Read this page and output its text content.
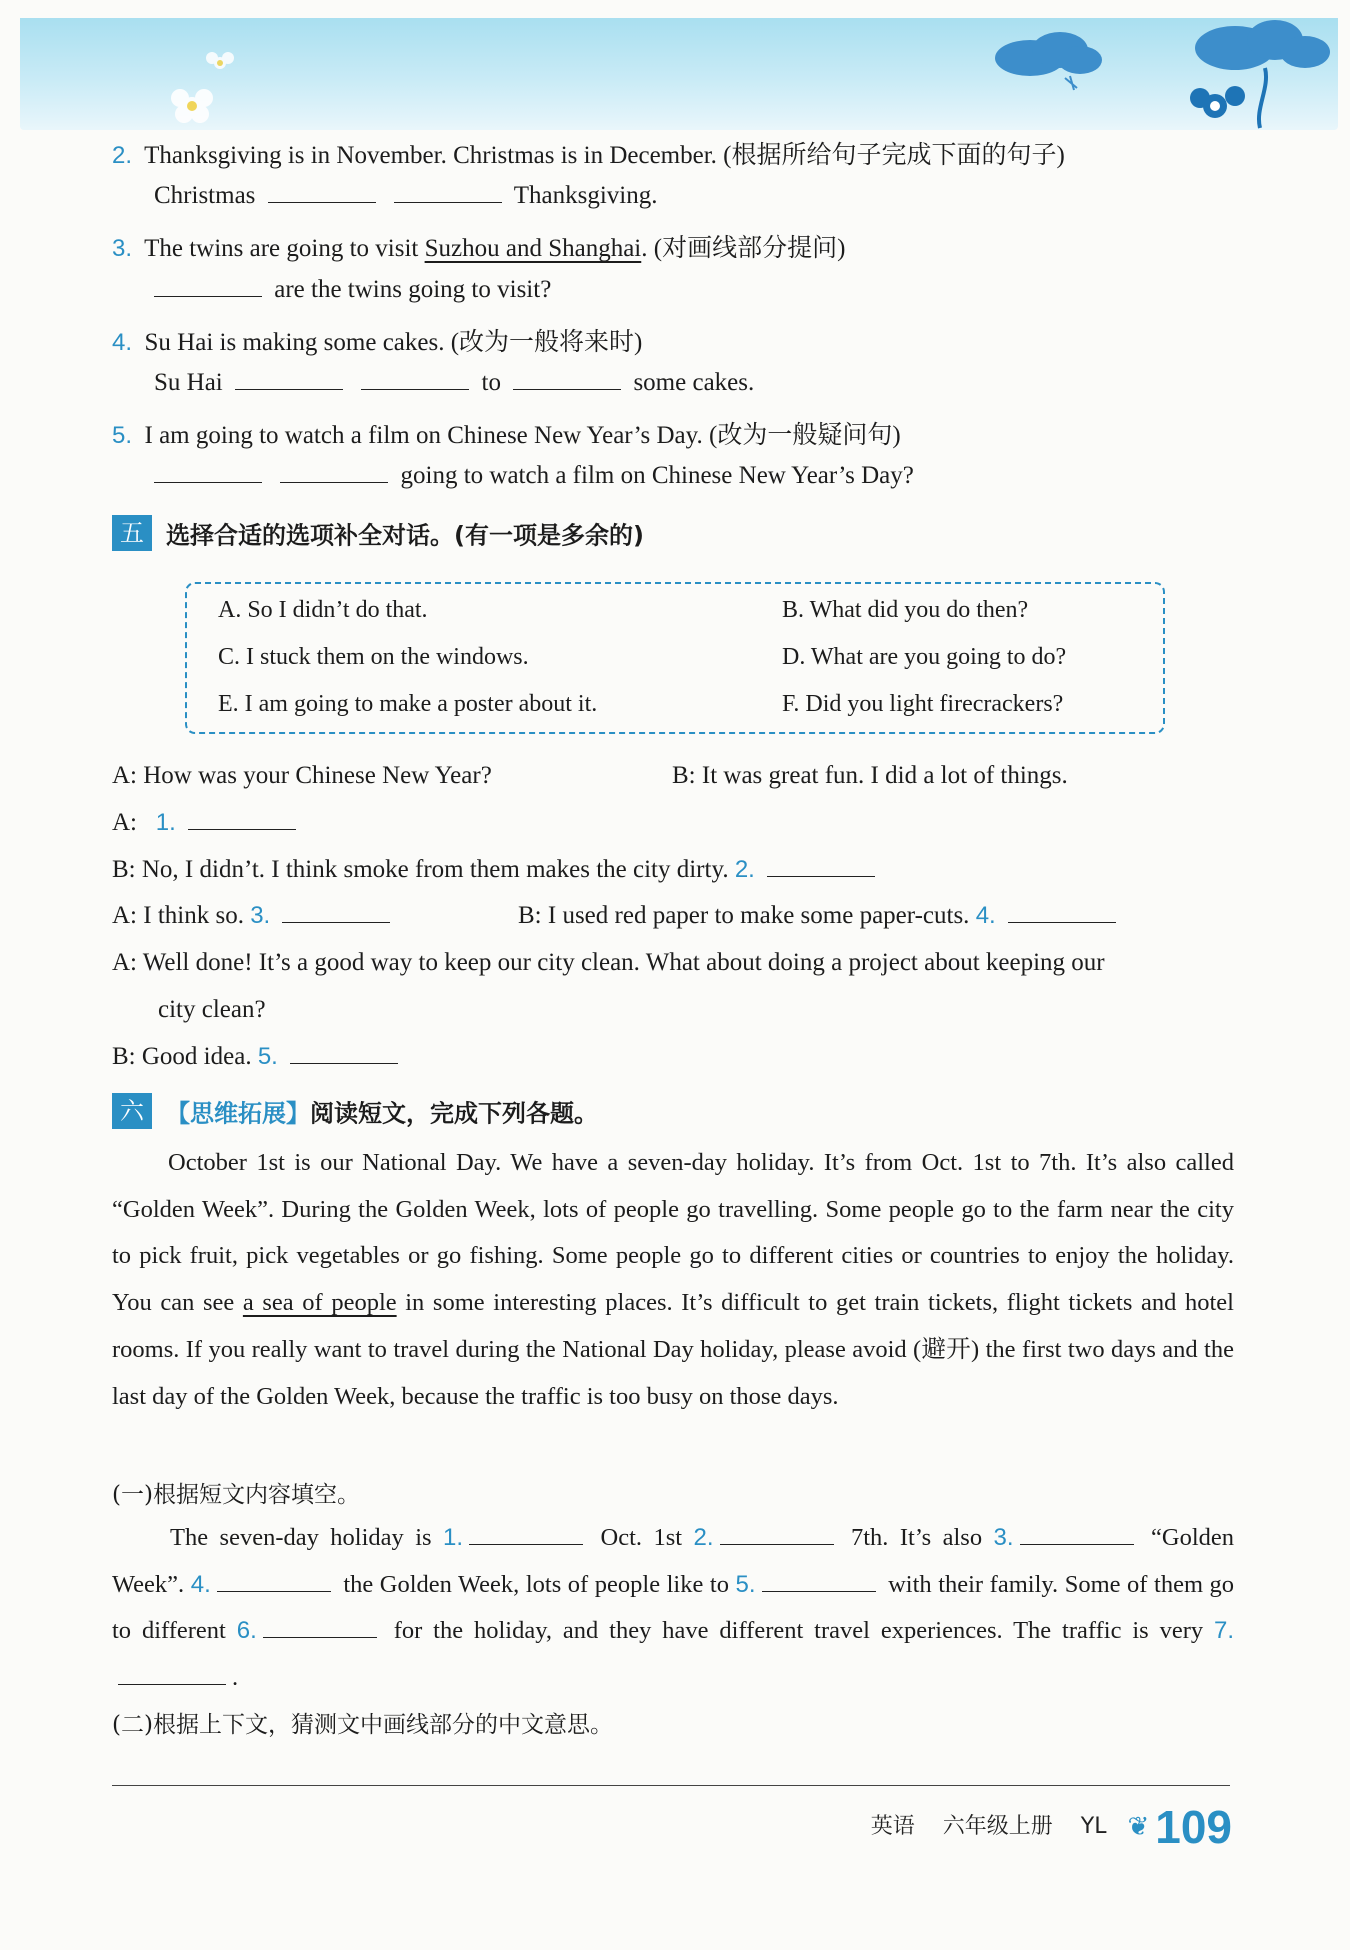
2. Thanksgiving is in November. Christmas is in December. (根据所给句子完成下面的句子)
Christmas	Thanksgiving.
3. The twins are going to visit Suzhou and Shanghai. (对画线部分提问)
are the twins going to visit?
4. Su Hai is making some cakes. (改为一般将来时)
Su Hai	to	some cakes.
5. I am going to watch a film on Chinese New Year’s Day. (改为一般疑问句)
going to watch a film on Chinese New Year’s Day?
五 选择合适的选项补全对话。(有一项是多余的)
A. So I didn’t do that.	B. What did you do then?
C. I stuck them on the windows.	D. What are you going to do?
E. I am going to make a poster about it.	F. Did you light firecrackers?
A: How was your Chinese New Year?	B: It was great fun. I did a lot of things.
A: 1.
B: No, I didn’t. I think smoke from them makes the city dirty. 2.
A: I think so. 3.	B: I used red paper to make some paper-cuts. 4.
A: Well done! It’s a good way to keep our city clean. What about doing a project about keeping our
city clean?
B: Good idea. 5.
六 【思维拓展】阅读短文，完成下列各题。
October 1st is our National Day. We have a seven-day holiday. It’s from Oct. 1st to 7th. It’s also called “Golden Week”. During the Golden Week, lots of people go travelling. Some people go to the farm near the city to pick fruit, pick vegetables or go fishing. Some people go to different cities or countries to enjoy the holiday. You can see a sea of people in some interesting places. It’s difficult to get train tickets, flight tickets and hotel rooms. If you really want to travel during the National Day holiday, please avoid (避开) the first two days and the last day of the Golden Week, because the traffic is too busy on those days.
(一)根据短文内容填空。
The seven-day holiday is 1.	Oct. 1st 2.	7th. It’s also 3.	“Golden Week”. 4.	the Golden Week, lots of people like to 5.	with their family. Some of them go to different 6.	for the holiday, and they have different travel experiences. The traffic is very 7..
(二)根据上下文，猜测文中画线部分的中文意思。
英语 六年级上册 YL ❦ 109
